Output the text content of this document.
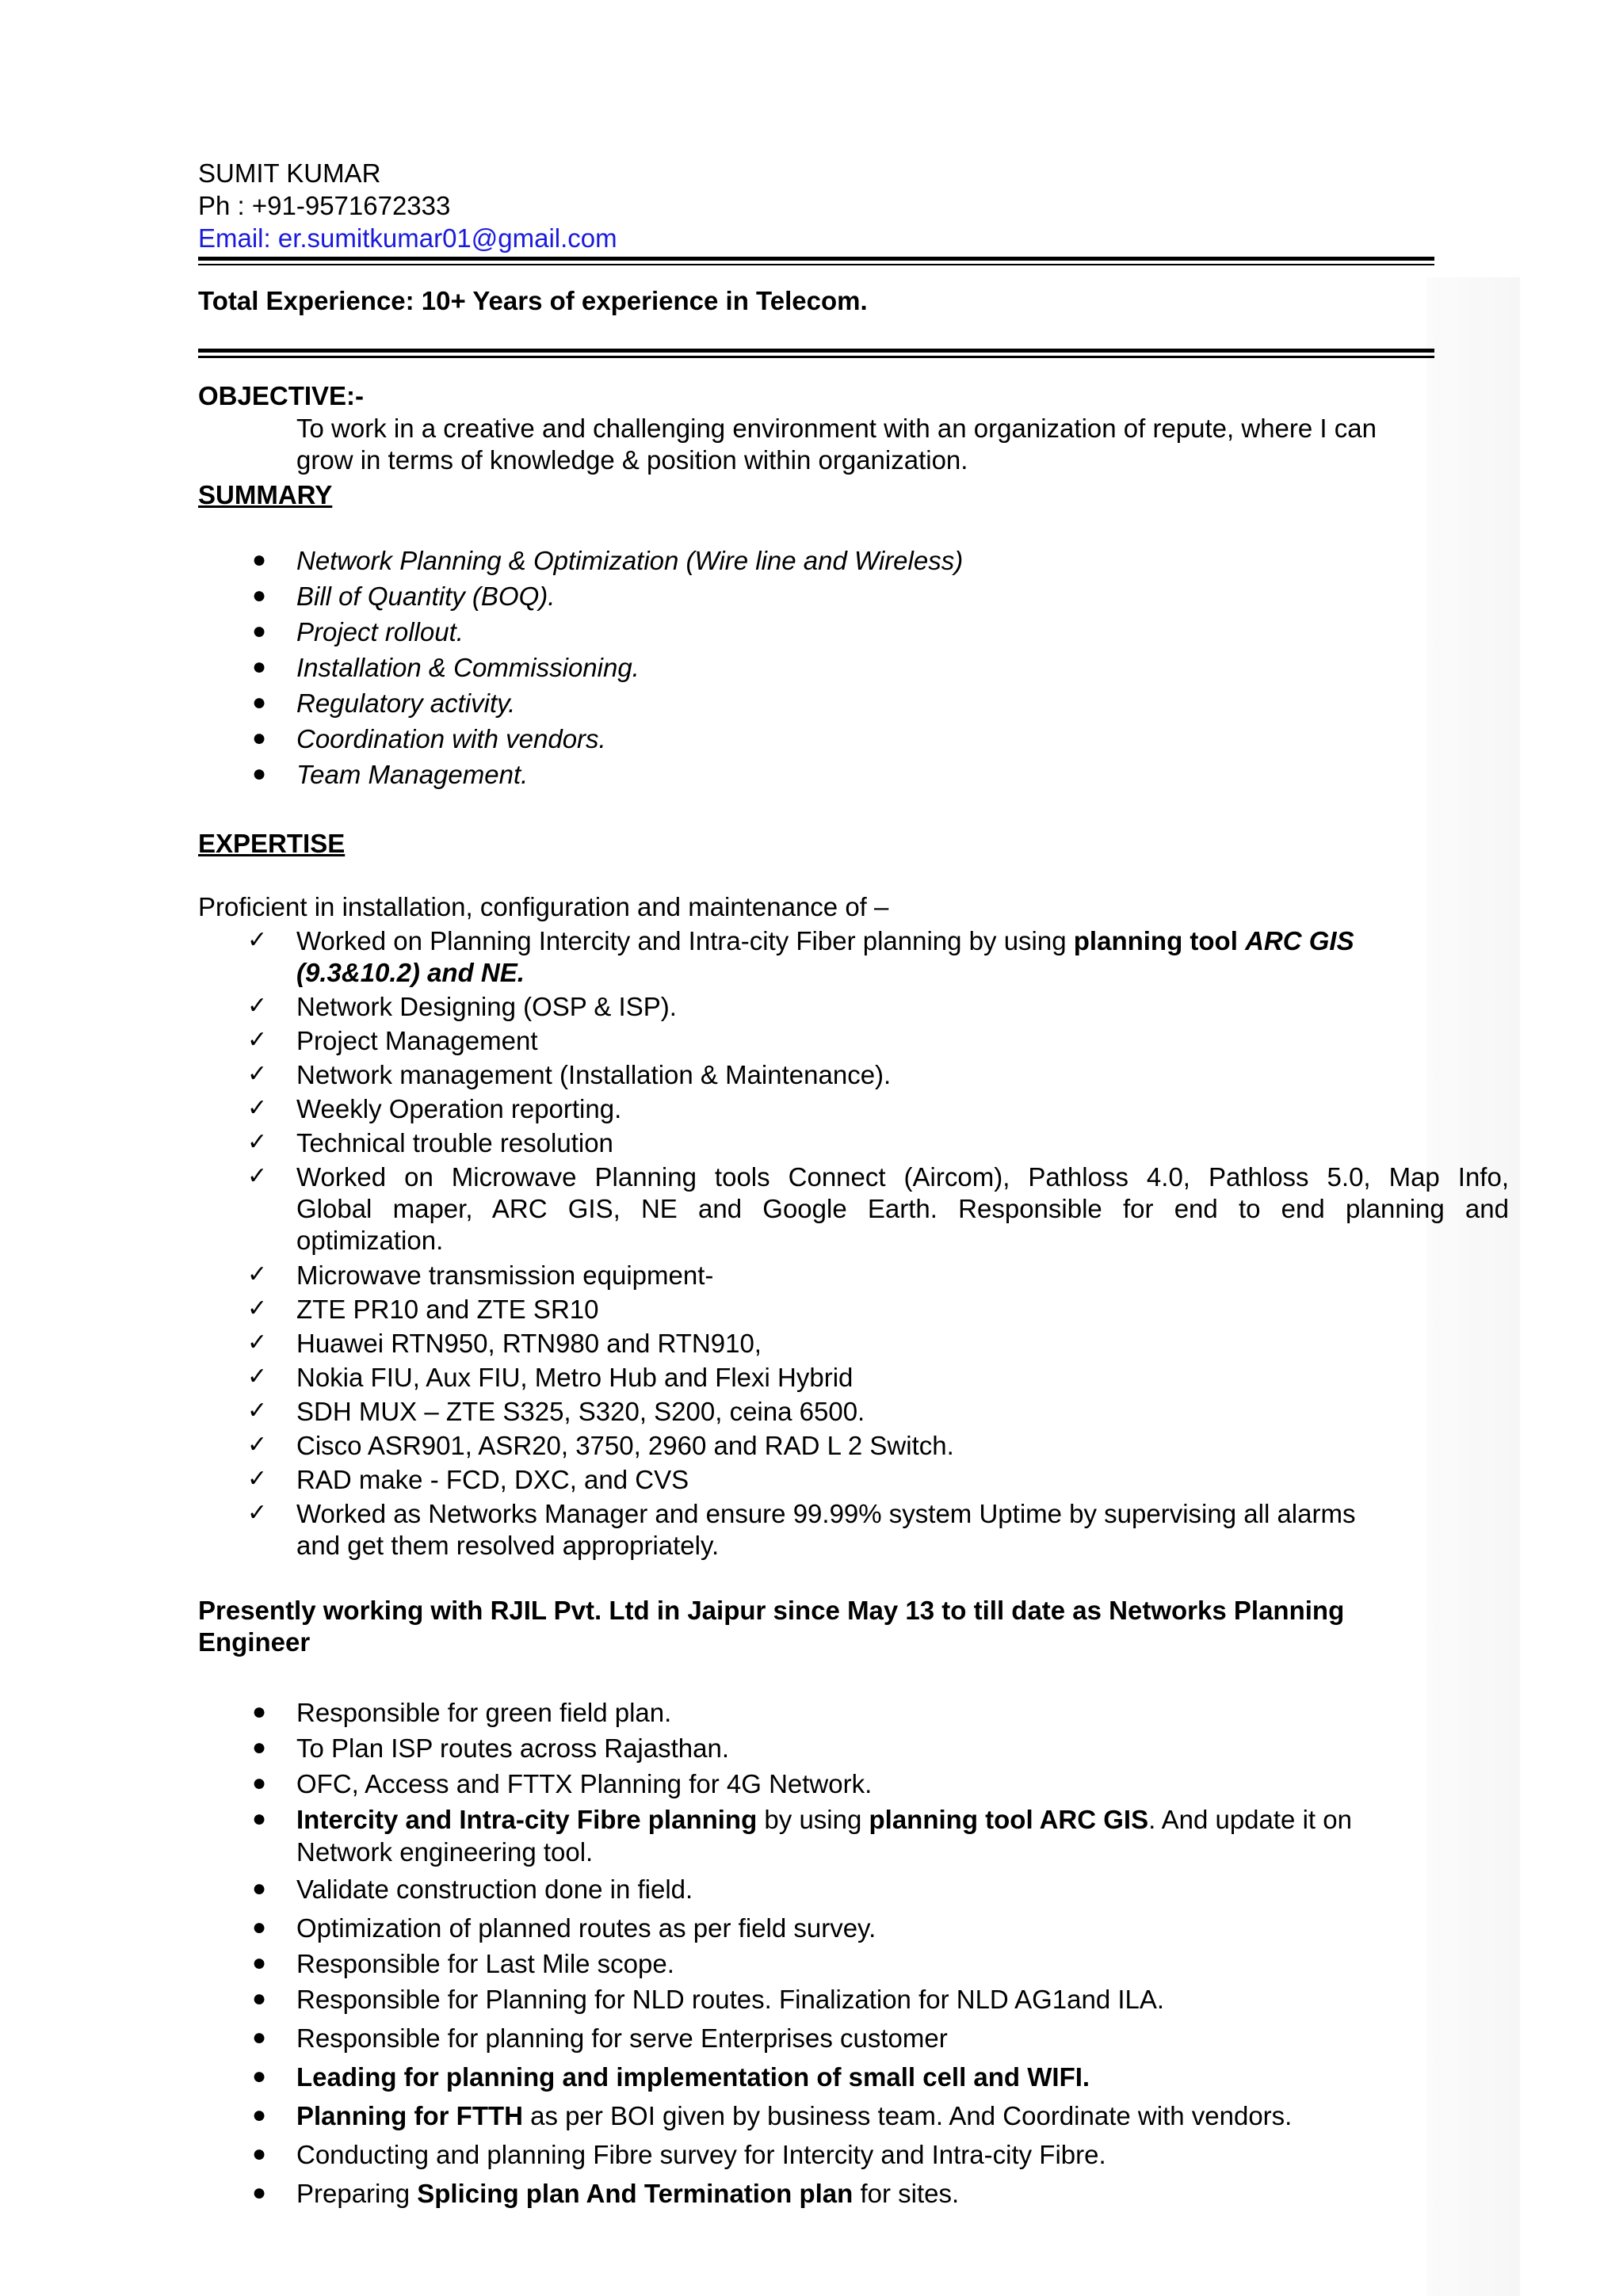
SUMIT KUMAR
Ph : +91-9571672333
Email: er.sumitkumar01@gmail.com
Total Experience: 10+ Years of experience in Telecom.
OBJECTIVE:-
To work in a creative and challenging environment with an organization of repute, where I can
grow in terms of knowledge & position within organization.
SUMMARY
● Network Planning & Optimization (Wire line and Wireless)
● Bill of Quantity (BOQ).
● Project rollout.
● Installation & Commissioning.
● Regulatory activity.
● Coordination with vendors.
● Team Management.
EXPERTISE
Proficient in installation, configuration and maintenance of –
✓ Worked on Planning Intercity and Intra-city Fiber planning by using planning tool ARC GIS
(9.3&10.2) and NE.
✓ Network Designing (OSP & ISP).
✓ Project Management
✓ Network management (Installation & Maintenance).
✓ Weekly Operation reporting.
✓ Technical trouble resolution
✓ Worked on Microwave Planning tools Connect (Aircom), Pathloss 4.0, Pathloss 5.0, Map Info,
Global maper, ARC GIS, NE and Google Earth. Responsible for end to end planning and
optimization.
✓ Microwave transmission equipment-
✓ ZTE PR10 and ZTE SR10
✓ Huawei RTN950, RTN980 and RTN910,
✓ Nokia FIU, Aux FIU, Metro Hub and Flexi Hybrid
✓ SDH MUX – ZTE S325, S320, S200, ceina 6500.
✓ Cisco ASR901, ASR20, 3750, 2960 and RAD L 2 Switch.
✓ RAD make - FCD, DXC, and CVS
✓ Worked as Networks Manager and ensure 99.99% system Uptime by supervising all alarms
and get them resolved appropriately.
Presently working with RJIL Pvt. Ltd in Jaipur since May 13 to till date as Networks Planning
Engineer
● Responsible for green field plan.
● To Plan ISP routes across Rajasthan.
● OFC, Access and FTTX Planning for 4G Network.
● Intercity and Intra-city Fibre planning by using planning tool ARC GIS. And update it on
Network engineering tool.
● Validate construction done in field.
● Optimization of planned routes as per field survey.
● Responsible for Last Mile scope.
● Responsible for Planning for NLD routes. Finalization for NLD AG1and ILA.
● Responsible for planning for serve Enterprises customer
● Leading for planning and implementation of small cell and WIFI.
● Planning for FTTH as per BOI given by business team. And Coordinate with vendors.
● Conducting and planning Fibre survey for Intercity and Intra-city Fibre.
● Preparing Splicing plan And Termination plan for sites.
